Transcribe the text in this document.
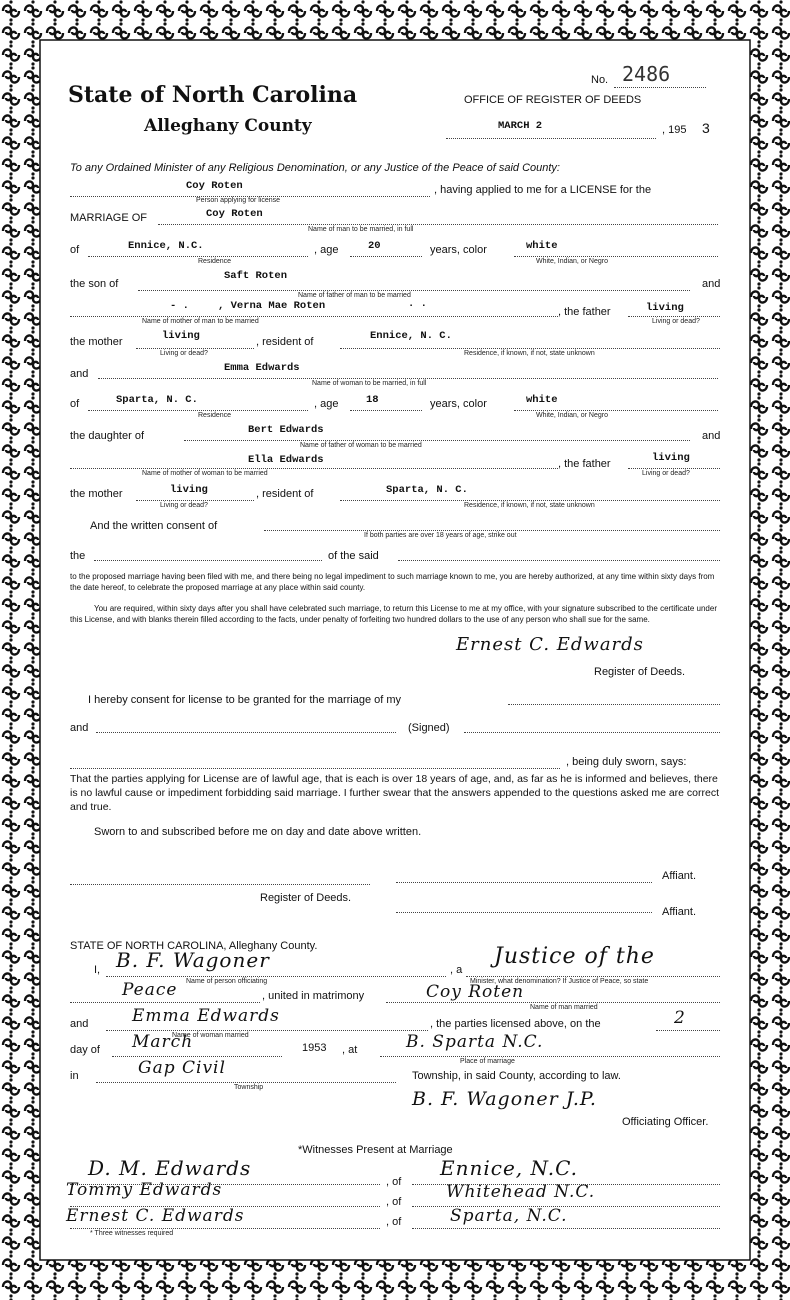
State of North Carolina
Alleghany County
No. 2486
OFFICE OF REGISTER OF DEEDS
MARCH 2	, 195 3
To any Ordained Minister of any Religious Denomination, or any Justice of the Peace of said County:
Coy Roten
Person applying for license
, having applied to me for a LICENSE for the
MARRIAGE OF	Coy Roten
Name of man to be married, in full
of	Ennice, N.C.
Residence
, age	20	years, color	white
White, Indian, or Negro
the son of
Saft Roten
Name of father of man to be married
and
- .	, Verna Mae Roten	· ·
Name of mother of man to be married
, the father	living
Living or dead?
the mother	living
Living or dead?
, resident of	Ennice, N. C.
Residence, if known, if not, state unknown
and	Emma Edwards
Name of woman to be married, in full
of	Sparta, N. C.
Residence
, age	18	years, color	white
White, Indian, or Negro
the daughter of	Bert Edwards
Name of father of woman to be married
and
Ella Edwards
Name of mother of woman to be married
, the father	living
Living or dead?
the mother	living
Living or dead?
, resident of	Sparta, N. C.
Residence, if known, if not, state unknown
And the written consent of
If both parties are over 18 years of age, strike out
the	of the said
to the proposed marriage having been filed with me, and there being no legal impediment to such marriage known to me, you are hereby authorized, at any time within sixty days from the date hereof, to celebrate the proposed marriage at any place within said county.
You are required, within sixty days after you shall have celebrated such marriage, to return this License to me at my office, with your signature subscribed to the certificate under this License, and with blanks therein filled according to the facts, under penalty of forfeiting two hundred dollars to the use of any person who shall sue for the same.
Ernest C. Edwards
Register of Deeds.
I hereby consent for license to be granted for the marriage of my
and	(Signed)
, being duly sworn, says:
That the parties applying for License are of lawful age, that is each is over 18 years of age, and, as far as he is informed and believes, there is no lawful cause or impediment forbidding said marriage. I further swear that the answers appended to the questions asked me are correct and true.
Sworn to and subscribed before me on day and date above written.
Affiant.
Register of Deeds.
Affiant.
STATE OF NORTH CAROLINA, Alleghany County.
I, B. F. Wagoner
Name of person officiating
, a
Justice of the
Minister, what denomination? If Justice of Peace, so state
Peace	, united in matrimony	Coy Roten
Name of man married
and	Emma Edwards
Name of woman married
, the parties licensed above, on the	2
day of March	1953 , at	B. Sparta N.C.
Place of marriage
in	Gap Civil
Township
Township, in said County, according to law.
B. F. Wagoner J.P.
Officiating Officer.
*Witnesses Present at Marriage
D. M. Edwards
, of
Ennice, N.C.
Tommy Edwards
, of	Whitehead N.C.
Ernest C. Edwards	, of	Sparta, N.C.
* Three witnesses required
